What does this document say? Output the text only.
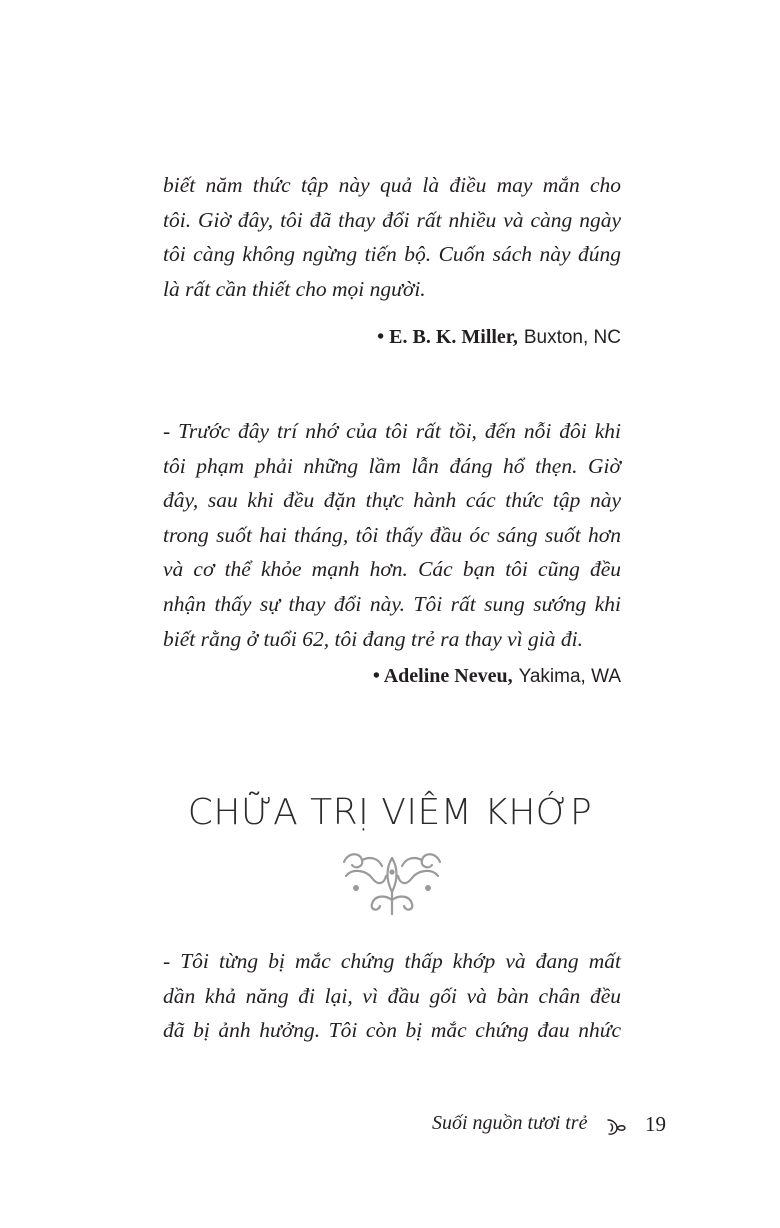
biết năm thức tập này quả là điều may mắn cho
tôi. Giờ đây, tôi đã thay đổi rất nhiều và càng ngày
tôi càng không ngừng tiến bộ. Cuốn sách này đúng
là rất cần thiết cho mọi người.

• E. B. K. Miller, Buxton, NC

- Trước đây trí nhớ của tôi rất tồi, đến nỗi đôi khi
tôi phạm phải những lầm lẫn đáng hổ thẹn. Giờ
đây, sau khi đều đặn thực hành các thức tập này
trong suốt hai tháng, tôi thấy đầu óc sáng suốt hơn
và cơ thể khỏe mạnh hơn. Các bạn tôi cũng đều
nhận thấy sự thay đổi này. Tôi rất sung sướng khi
biết rằng ở tuổi 62, tôi đang trẻ ra thay vì già đi.

• Adeline Neveu, Yakima, WA
CHỮA TRỊ VIÊM KHỚP

- Tôi từng bị mắc chứng thấp khớp và đang mất
dần khả năng đi lại, vì đầu gối và bàn chân đều
đã bị ảnh hưởng. Tôi còn bị mắc chứng đau nhức

Suối nguồn tươi trẻ	19
